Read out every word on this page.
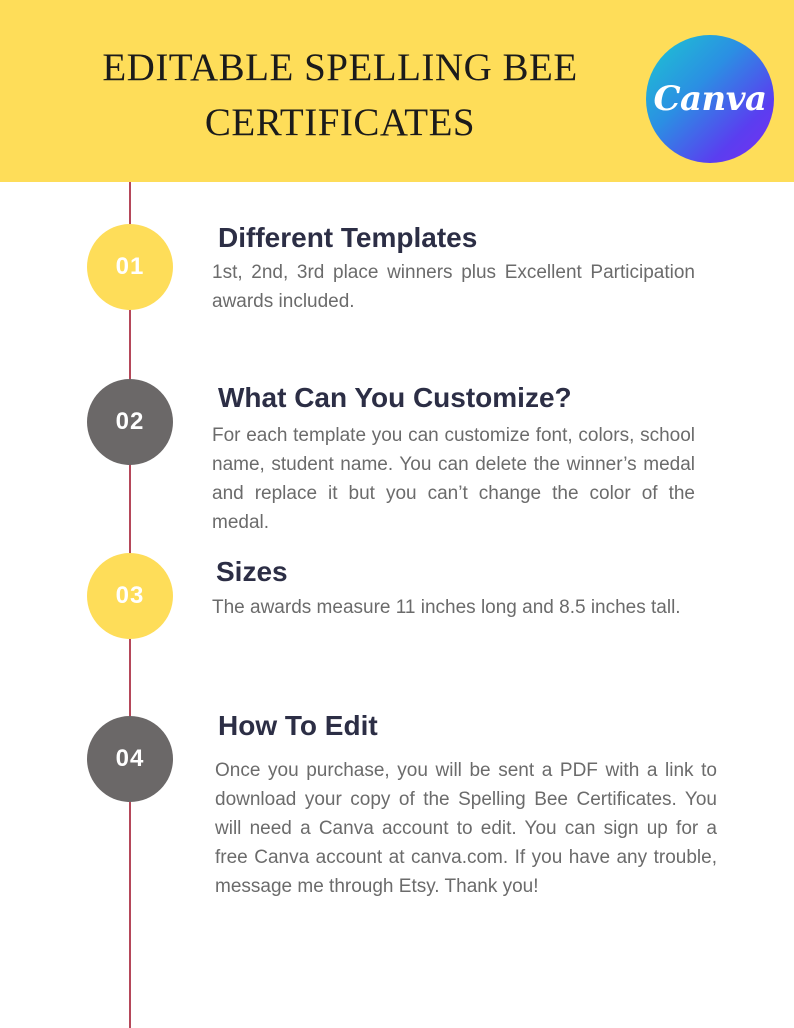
EDITABLE SPELLING BEE
CERTIFICATES
Canva
01
Different Templates

1st, 2nd, 3rd place winners plus Excellent Participation awards included.

02
What Can You Customize?

For each template you can customize font, colors, school name, student name. You can delete the winner’s medal and replace it but you can’t change the color of the medal.

03
Sizes

The awards measure 11 inches long and 8.5 inches tall.

04
How To Edit

Once you purchase, you will be sent a PDF with a link to download your copy of the Spelling Bee Certificates. You will need a Canva account to edit. You can sign up for a free Canva account at canva.com. If you have any trouble, message me through Etsy. Thank you!
